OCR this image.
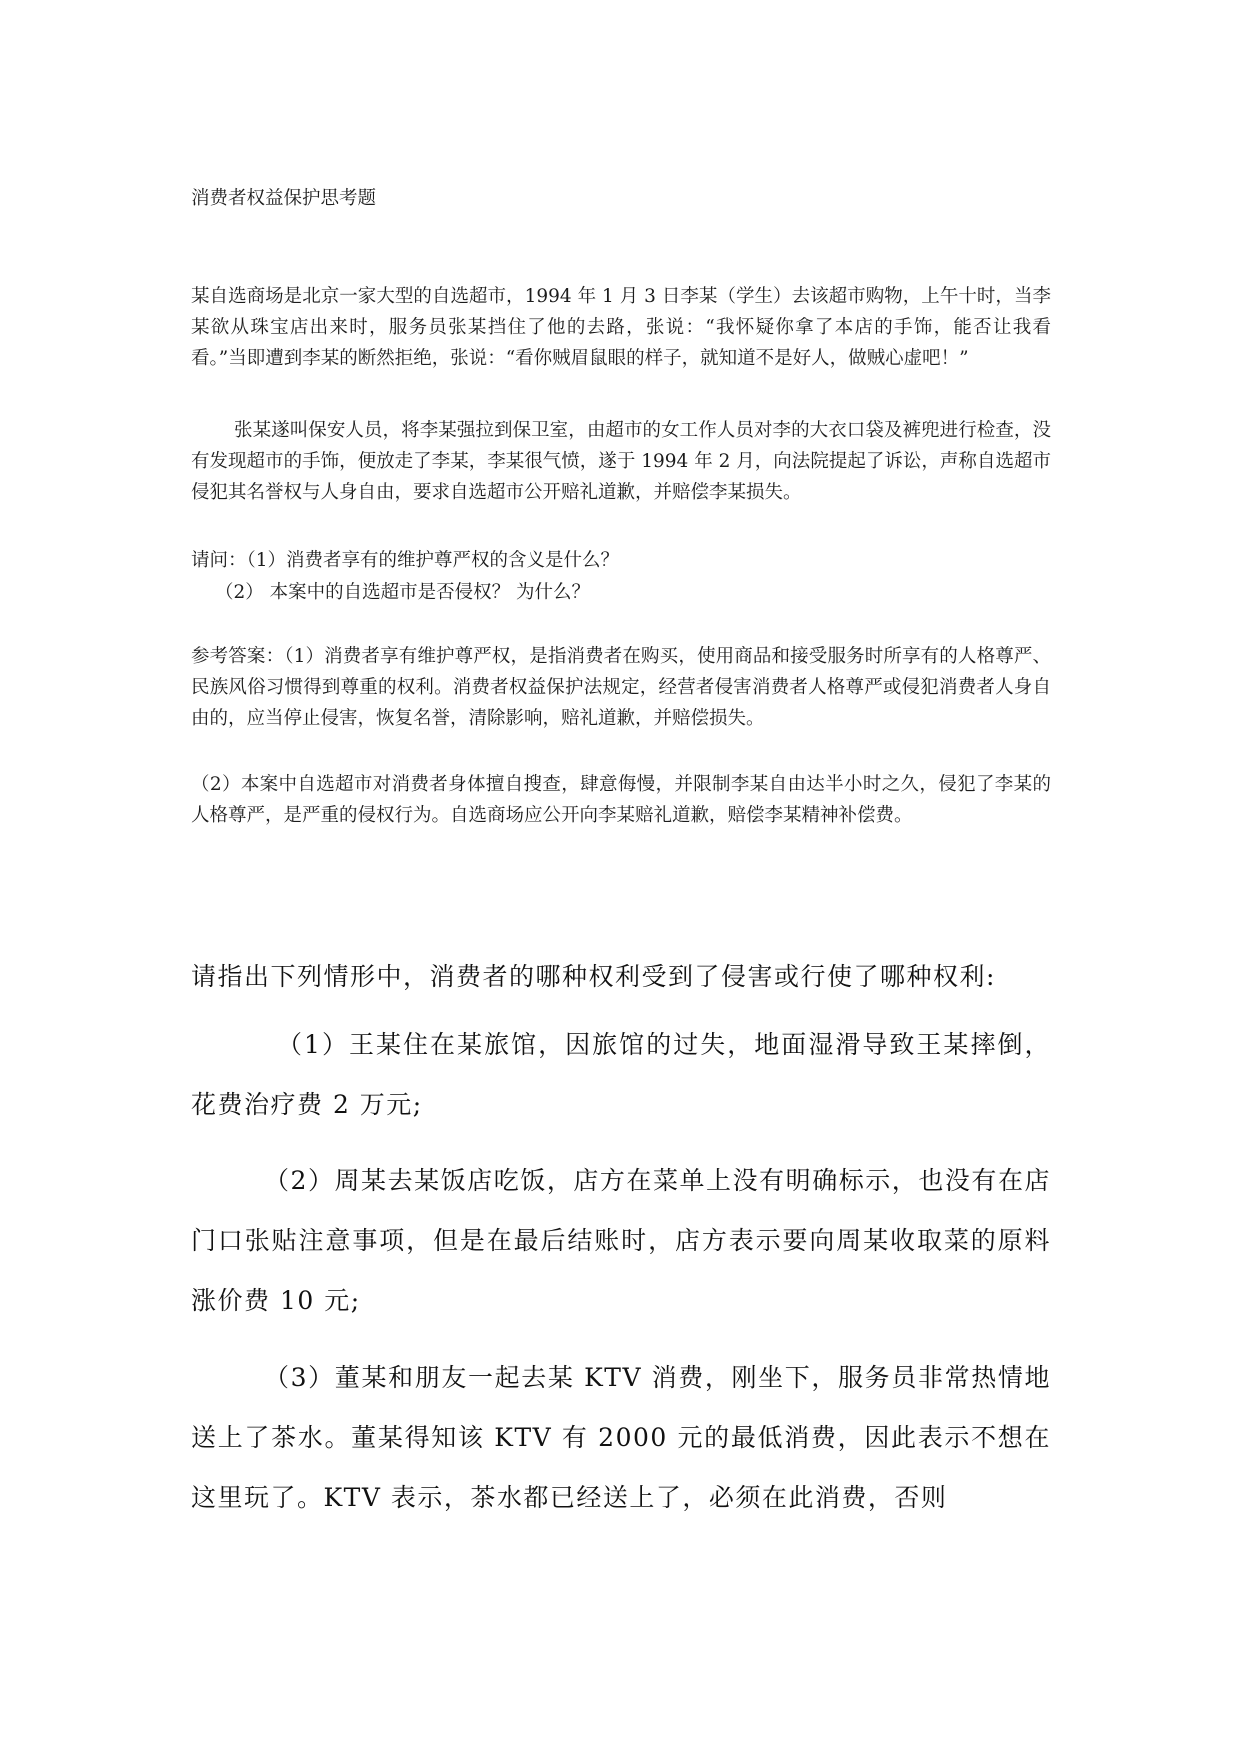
消费者权益保护思考题

某自选商场是北京一家大型的自选超市，1994 年 1 月 3 日李某（学生）去该超市购物，上午十时，当李某欲从珠宝店出来时，服务员张某挡住了他的去路，张说：“我怀疑你拿了本店的手饰，能否让我看看。”当即遭到李某的断然拒绝，张说：“看你贼眉鼠眼的样子，就知道不是好人，做贼心虚吧！”

张某遂叫保安人员，将李某强拉到保卫室，由超市的女工作人员对李的大衣口袋及裤兜进行检查，没有发现超市的手饰，便放走了李某，李某很气愤，遂于 1994 年 2 月，向法院提起了诉讼，声称自选超市侵犯其名誉权与人身自由，要求自选超市公开赔礼道歉，并赔偿李某损失。

请问：（1）消费者享有的维护尊严权的含义是什么？

（2） 本案中的自选超市是否侵权？ 为什么？

参考答案：（1）消费者享有维护尊严权，是指消费者在购买，使用商品和接受服务时所享有的人格尊严、民族风俗习惯得到尊重的权利。消费者权益保护法规定，经营者侵害消费者人格尊严或侵犯消费者人身自由的，应当停止侵害，恢复名誉，清除影响，赔礼道歉，并赔偿损失。

（2）本案中自选超市对消费者身体擅自搜查，肆意侮慢，并限制李某自由达半小时之久，侵犯了李某的人格尊严，是严重的侵权行为。自选商场应公开向李某赔礼道歉，赔偿李某精神补偿费。

请指出下列情形中，消费者的哪种权利受到了侵害或行使了哪种权利:

（1）王某住在某旅馆，因旅馆的过失，地面湿滑导致王某摔倒，花费治疗费 2 万元;

（2）周某去某饭店吃饭，店方在菜单上没有明确标示，也没有在店门口张贴注意事项，但是在最后结账时，店方表示要向周某收取菜的原料涨价费 10 元;

（3）董某和朋友一起去某 KTV 消费，刚坐下，服务员非常热情地送上了茶水。董某得知该 KTV 有 2000 元的最低消费，因此表示不想在这里玩了。KTV 表示，茶水都已经送上了，必须在此消费，否则
